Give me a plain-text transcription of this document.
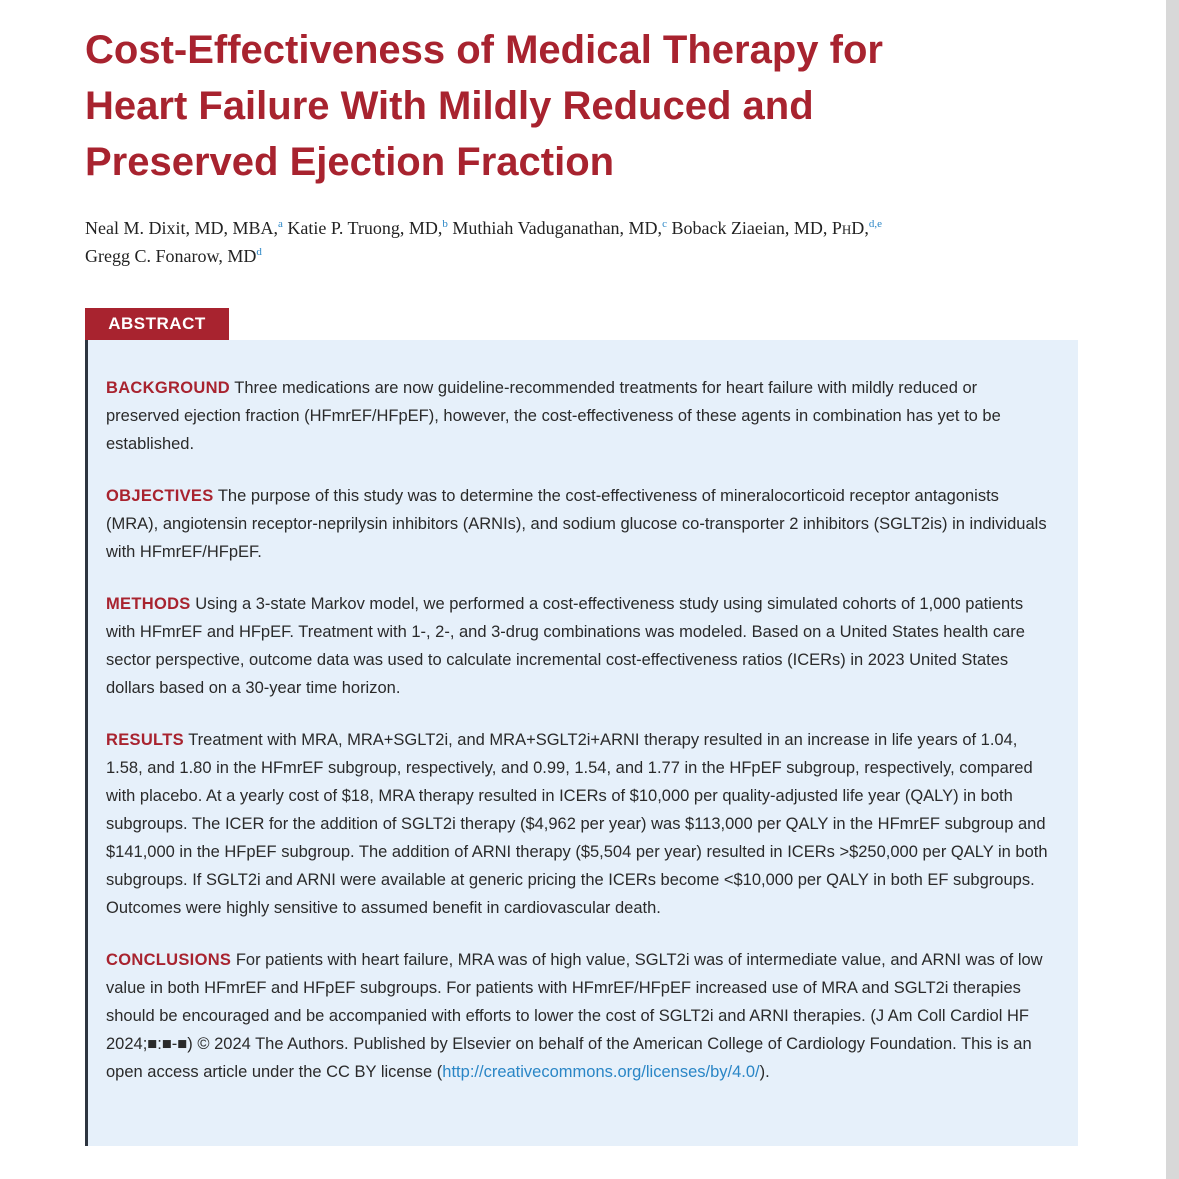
Cost-Effectiveness of Medical Therapy for
Heart Failure With Mildly Reduced and
Preserved Ejection Fraction
Neal M. Dixit, MD, MBA,$^a$ Katie P. Truong, MD,$^b$ Muthiah Vaduganathan, MD,$^c$ Boback Ziaeian, MD, PhD,$^{d,e}$
Gregg C. Fonarow, $MD^d$
ABSTRACT

BACKGROUND Three medications are now guideline-recommended treatments for heart failure with mildly reduced or preserved ejection fraction (HFmrEF/HFpEF), however, the cost-effectiveness of these agents in combination has yet to be established.

OBJECTIVES The purpose of this study was to determine the cost-effectiveness of mineralocorticoid receptor antagonists (MRA), angiotensin receptor-neprilysin inhibitors (ARNIs), and sodium glucose co-transporter 2 inhibitors (SGLT2is) in individuals with HFmrEF/HFpEF.

METHODS Using a 3-state Markov model, we performed a cost-effectiveness study using simulated cohorts of 1,000 patients with HFmrEF and HFpEF. Treatment with 1-, 2-, and 3-drug combinations was modeled. Based on a United States health care sector perspective, outcome data was used to calculate incremental cost-effectiveness ratios (ICERs) in 2023 United States dollars based on a 30-year time horizon.

RESULTS Treatment with MRA, MRA+SGLT2i, and MRA+SGLT2i+ARNI therapy resulted in an increase in life years of 1.04, 1.58, and 1.80 in the HFmrEF subgroup, respectively, and 0.99, 1.54, and 1.77 in the HFpEF subgroup, respectively, compared with placebo. At a yearly cost of $18, MRA therapy resulted in ICERs of $10,000 per quality-adjusted life year (QALY) in both subgroups. The ICER for the addition of SGLT2i therapy ($4,962 per year) was $113,000 per QALY in the HFmrEF subgroup and $141,000 in the HFpEF subgroup. The addition of ARNI therapy ($5,504 per year) resulted in ICERs >$250,000 per QALY in both subgroups. If SGLT2i and ARNI were available at generic pricing the ICERs become <$10,000 per QALY in both EF subgroups. Outcomes were highly sensitive to assumed benefit in cardiovascular death.

CONCLUSIONS For patients with heart failure, MRA was of high value, SGLT2i was of intermediate value, and ARNI was of low value in both HFmrEF and HFpEF subgroups. For patients with HFmrEF/HFpEF increased use of MRA and SGLT2i therapies should be encouraged and be accompanied with efforts to lower the cost of SGLT2i and ARNI therapies. (J Am Coll Cardiol HF 2024;■:■-■) © 2024 The Authors. Published by Elsevier on behalf of the American College of Cardiology Foundation. This is an open access article under the CC BY license (http://creativecommons.org/licenses/by/4.0/).
